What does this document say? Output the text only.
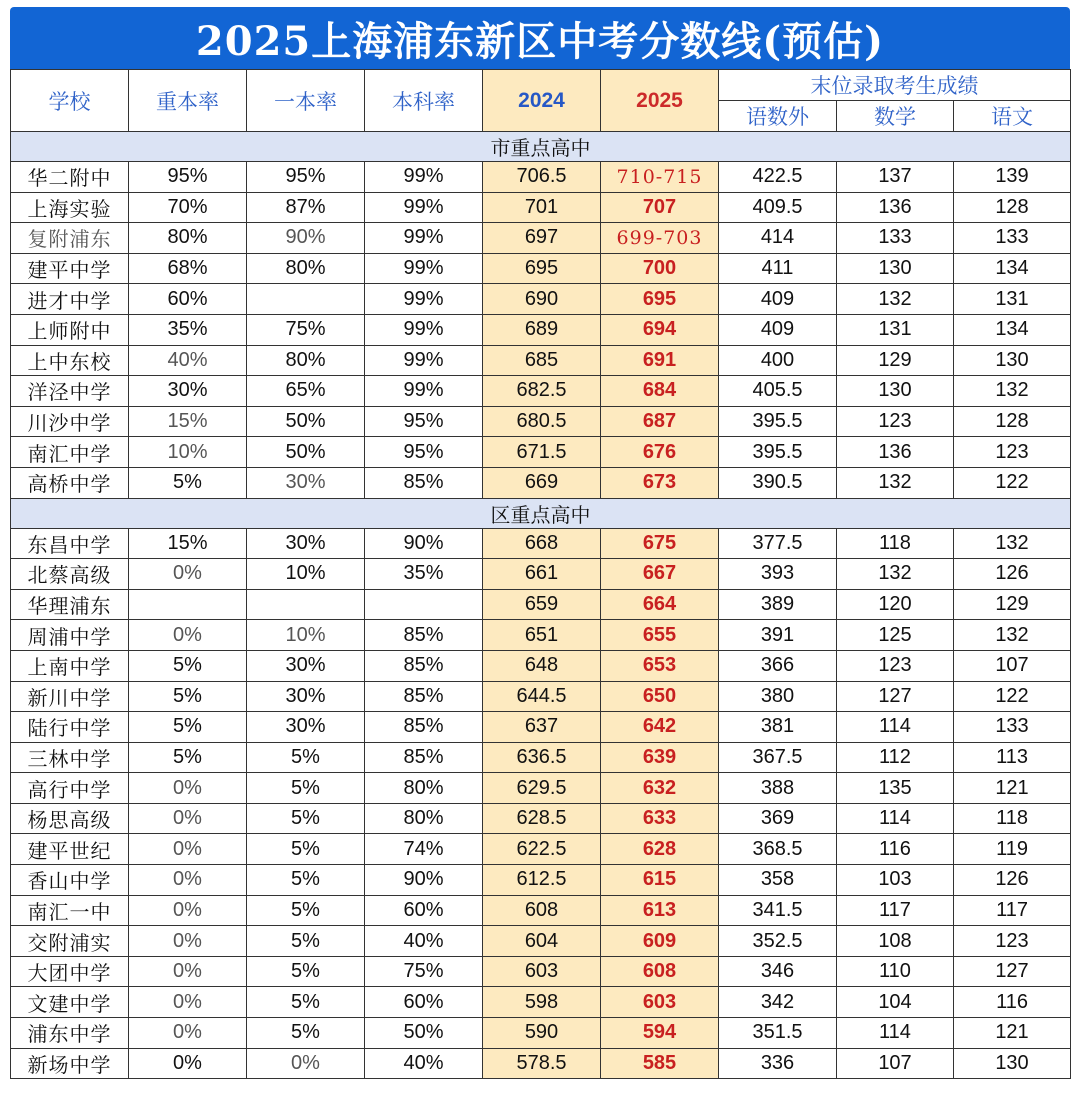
2025上海浦东新区中考分数线(预估)
学校	重本率	一本率	本科率	2024	2025	末位录取考生成绩		
						语数外	数学	语文
市重点高中								
华二附中	95%	95%	99%	706.5	710-715	422.5	137	139
上海实验	70%	87%	99%	701	707	409.5	136	128
复附浦东	80%	90%	99%	697	699-703	414	133	133
建平中学	68%	80%	99%	695	700	411	130	134
进才中学	60%		99%	690	695	409	132	131
上师附中	35%	75%	99%	689	694	409	131	134
上中东校	40%	80%	99%	685	691	400	129	130
洋泾中学	30%	65%	99%	682.5	684	405.5	130	132
川沙中学	15%	50%	95%	680.5	687	395.5	123	128
南汇中学	10%	50%	95%	671.5	676	395.5	136	123
高桥中学	5%	30%	85%	669	673	390.5	132	122
区重点高中								
东昌中学	15%	30%	90%	668	675	377.5	118	132
北蔡高级	0%	10%	35%	661	667	393	132	126
华理浦东				659	664	389	120	129
周浦中学	0%	10%	85%	651	655	391	125	132
上南中学	5%	30%	85%	648	653	366	123	107
新川中学	5%	30%	85%	644.5	650	380	127	122
陆行中学	5%	30%	85%	637	642	381	114	133
三林中学	5%	5%	85%	636.5	639	367.5	112	113
高行中学	0%	5%	80%	629.5	632	388	135	121
杨思高级	0%	5%	80%	628.5	633	369	114	118
建平世纪	0%	5%	74%	622.5	628	368.5	116	119
香山中学	0%	5%	90%	612.5	615	358	103	126
南汇一中	0%	5%	60%	608	613	341.5	117	117
交附浦实	0%	5%	40%	604	609	352.5	108	123
大团中学	0%	5%	75%	603	608	346	110	127
文建中学	0%	5%	60%	598	603	342	104	116
浦东中学	0%	5%	50%	590	594	351.5	114	121
新场中学	0%	0%	40%	578.5	585	336	107	130
